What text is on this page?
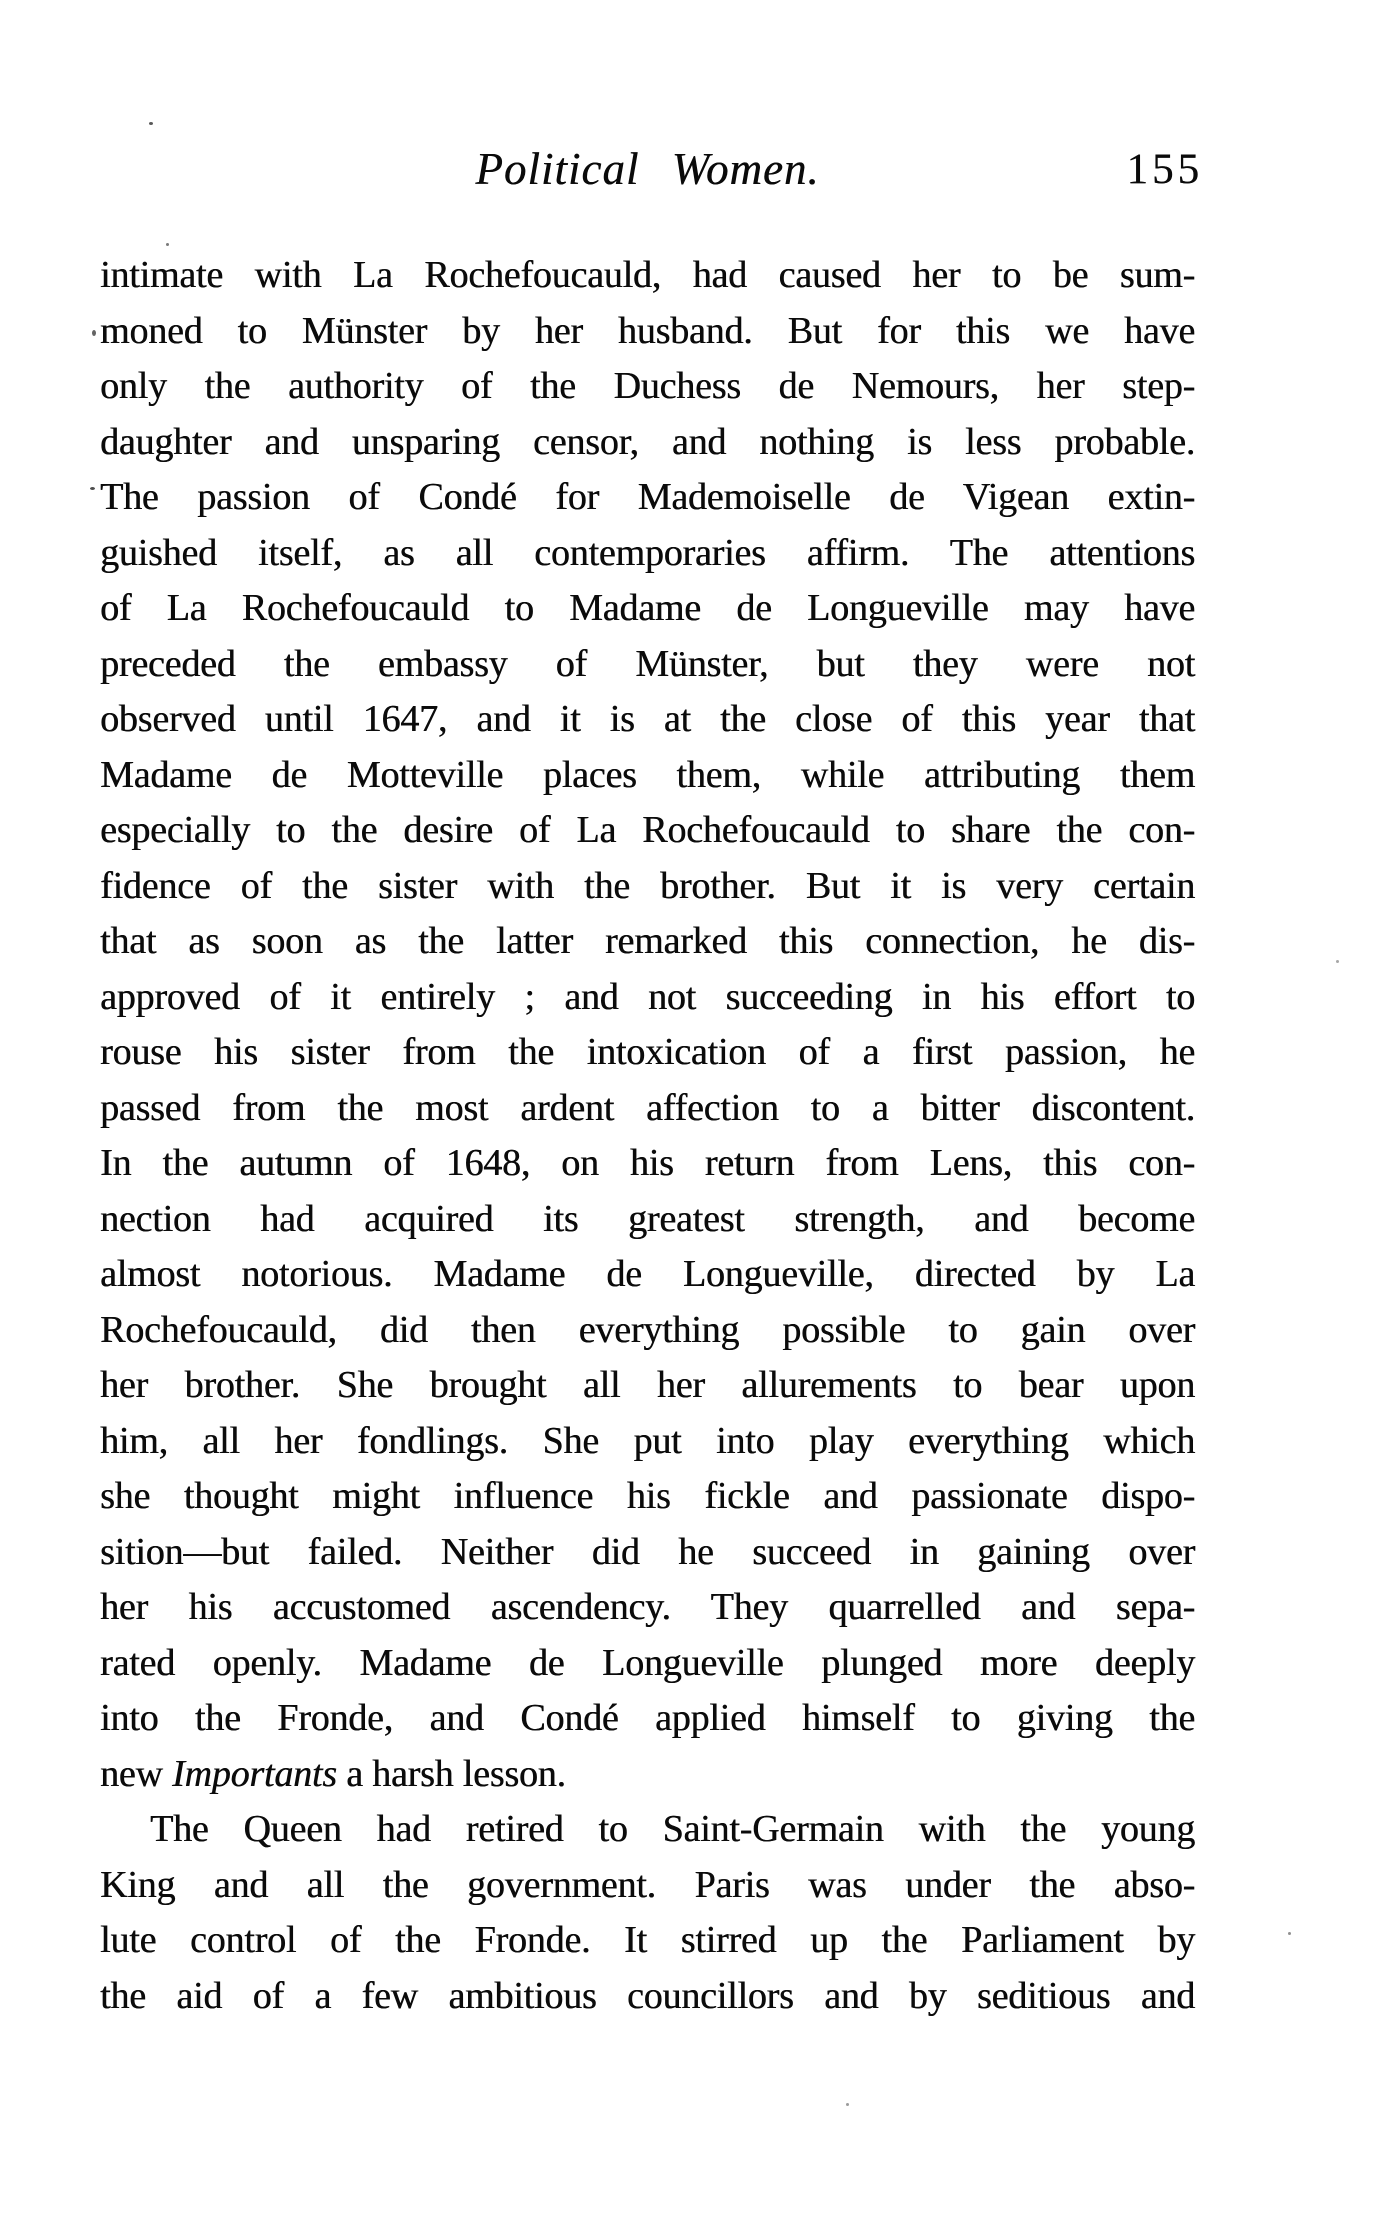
Political Women.	155
intimate with La Rochefoucauld, had caused her to be sum-
moned to Münster by her husband. But for this we have
only the authority of the Duchess de Nemours, her step-
daughter and unsparing censor, and nothing is less probable.
The passion of Condé for Mademoiselle de Vigean extin-
guished itself, as all contemporaries affirm. The attentions
of La Rochefoucauld to Madame de Longueville may have
preceded the embassy of Münster, but they were not
observed until 1647, and it is at the close of this year that
Madame de Motteville places them, while attributing them
especially to the desire of La Rochefoucauld to share the con-
fidence of the sister with the brother. But it is very certain
that as soon as the latter remarked this connection, he dis-
approved of it entirely ; and not succeeding in his effort to
rouse his sister from the intoxication of a first passion, he
passed from the most ardent affection to a bitter discontent.
In the autumn of 1648, on his return from Lens, this con-
nection had acquired its greatest strength, and become
almost notorious. Madame de Longueville, directed by La
Rochefoucauld, did then everything possible to gain over
her brother. She brought all her allurements to bear upon
him, all her fondlings. She put into play everything which
she thought might influence his fickle and passionate dispo-
sition—but failed. Neither did he succeed in gaining over
her his accustomed ascendency. They quarrelled and sepa-
rated openly. Madame de Longueville plunged more deeply
into the Fronde, and Condé applied himself to giving the
new Importants a harsh lesson.
The Queen had retired to Saint-Germain with the young
King and all the government. Paris was under the abso-
lute control of the Fronde. It stirred up the Parliament by
the aid of a few ambitious councillors and by seditious and
